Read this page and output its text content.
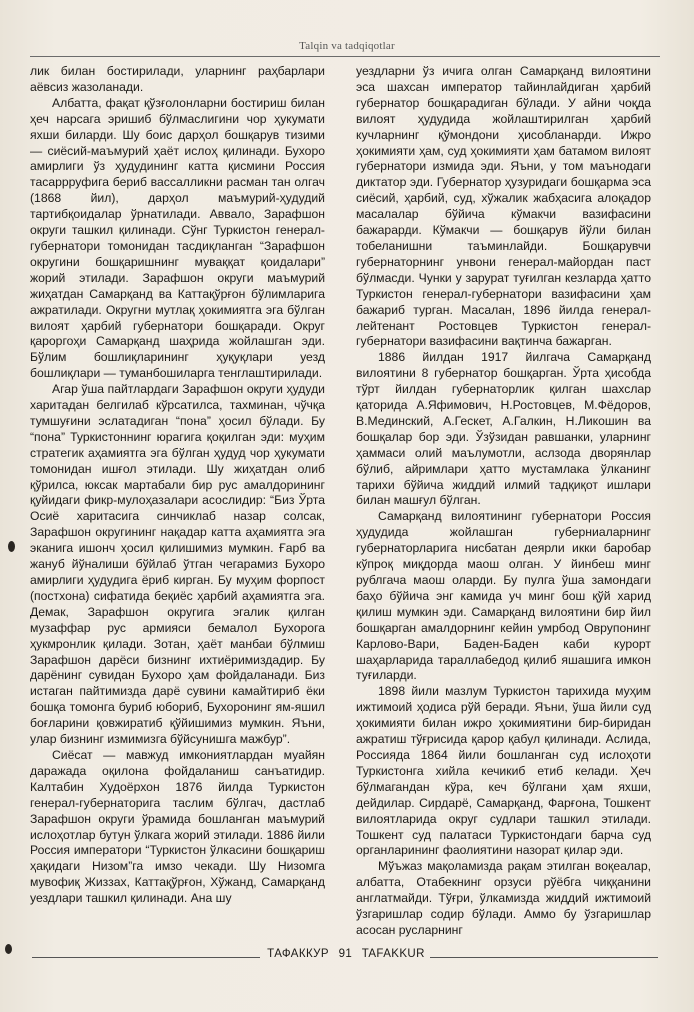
Talqin va tadqiqotlar

лик билан бостирилади, уларнинг раҳбарлари аёвсиз жазоланади.

Албатта, фақат қўзғолонларни бостириш билан ҳеч нарсага эришиб бўлмаслигини чор ҳукумати яхши биларди. Шу боис дарҳол бошқарув тизими — сиёсий-маъмурий ҳаёт ислоҳ қилинади. Бухоро амирлиги ўз ҳудудининг катта қисмини Россия тасаррруфига бериб вассалликни расман тан олгач (1868 йил), дарҳол маъмурий-ҳудудий тартибқоидалар ўрнатилади. Аввало, Зарафшон округи ташкил қилинади. Сўнг Туркистон генерал-губернатори томонидан тасдиқланган “Зарафшон округини бошқаришнинг муваққат қоидалари” жорий этилади. Зарафшон округи маъмурий жиҳатдан Самарқанд ва Каттақўрғон бўлимларига ажратилади. Округни мутлақ ҳокимиятга эга бўлган вилоят ҳарбий губернатори бошқаради. Округ қароргоҳи Самарқанд шаҳрида жойлашган эди. Бўлим бошлиқларининг ҳуқуқлари уезд бошлиқлари — туманбошиларга тенглаштирилади.

Агар ўша пайтлардаги Зарафшон округи ҳудуди харитадан белгилаб кўрсатилса, тахминан, чўчқа тумшуғини эслатадиган “пона” ҳосил бўлади. Бу “пона” Туркистоннинг юрагига қоқилган эди: муҳим стратегик аҳамиятга эга бўлган ҳудуд чор ҳукумати томонидан ишғол этилади. Шу жиҳатдан олиб қўрилса, юксак мартабали бир рус амалдорининг қуйидаги фикр-мулоҳазалари асослидир: “Биз Ўрта Осиё харитасига синчиклаб назар солсак, Зарафшон округининг нақадар катта аҳамиятга эга эканига ишонч ҳосил қилишимиз мумкин. Ғарб ва жануб йўналиши бўйлаб ўтган чегарамиз Бухоро амирлиги ҳудудига ёриб кирган. Бу муҳим форпост (постхона) сифатида беқиёс ҳарбий аҳамиятга эга. Демак, Зарафшон округига эгалик қилган музаффар рус армияси бемалол Бухорога ҳукмронлик қилади. Зотан, ҳаёт манбаи бўлмиш Зарафшон дарёси бизнинг ихтиёримиздадир. Бу дарёнинг сувидан Бухоро ҳам фойдаланади. Биз истаган пайтимизда дарё сувини камайтириб ёки бошқа томонга буриб юбориб, Бухоронинг ям-яшил боғларини қовжиратиб қўйишимиз мумкин. Яъни, улар бизнинг измимизга бўйсунишга мажбур”.

Сиёсат — мавжуд имкониятлардан муайян даражада оқилона фойдаланиш санъатидир. Калтабин Худоёрхон 1876 йилда Туркистон генерал-губернаторига таслим бўлгач, дастлаб Зарафшон округи ўрамида бошланган маъмурий ислоҳотлар бутун ўлкага жорий этилади. 1886 йили Россия императори “Туркистон ўлкасини бошқариш ҳақидаги Низом”га имзо чекади. Шу Низомга мувофиқ Жиззах, Каттақўрғон, Хўжанд, Самарқанд уездлари ташкил қилинади. Ана шу

уездларни ўз ичига олган Самарқанд вилоятини эса шахсан император тайинлайдиган ҳарбий губернатор бошқарадиган бўлади. У айни чоқда вилоят ҳудудида жойлаштирилган ҳарбий кучларнинг қўмондони ҳисобланарди. Ижро ҳокимияти ҳам, суд ҳокимияти ҳам батамом вилоят губернатори измида эди. Яъни, у том маънодаги диктатор эди. Губернатор ҳузуридаги бошқарма эса сиёсий, ҳарбий, суд, хўжалик жабҳасига алоқадор масалалар бўйича кўмакчи вазифасини бажарарди. Кўмакчи — бошқарув йўли билан тобеланишни таъминлайди. Бошқарувчи губернаторнинг унвони генерал-майордан паст бўлмасди. Чунки у зарурат туғилган кезларда ҳатто Туркистон генерал-губернатори вазифасини ҳам бажариб турган. Масалан, 1896 йилда генерал-лейтенант Ростовцев Туркистон генерал-губернатори вазифасини вақтинча бажарган.

1886 йилдан 1917 йилгача Самарқанд вилоятини 8 губернатор бошқарган. Ўрта ҳисобда тўрт йилдан губернаторлик қилган шахслар қаторида А.Яфимович, Н.Ростовцев, М.Фёдоров, В.Мединский, А.Гескет, А.Галкин, Н.Ликошин ва бошқалар бор эди. Ўзўзидан равшанки, уларнинг ҳаммаси олий маълумотли, аслзода дворянлар бўлиб, айримлари ҳатто мустамлака ўлканинг тарихи бўйича жиддий илмий тадқиқот ишлари билан машғул бўлган.

Самарқанд вилоятининг губернатори Россия ҳудудида жойлашган губерниаларнинг губернаторларига нисбатан деярли икки баробар кўпроқ миқдорда маош олган. У йинбеш минг рублгача маош оларди. Бу пулга ўша замондаги баҳо бўйича энг камида уч минг бош қўй харид қилиш мумкин эди. Самарқанд вилоятини бир йил бошқарган амалдорнинг кейин умрбод Оврупонинг Карлово-Вари, Баден-Баден каби курорт шаҳарларида тараллабедод қилиб яшашига имкон туғиларди.

1898 йили мазлум Туркистон тарихида муҳим ижтимоий ҳодиса рўй беради. Яъни, ўша йили суд ҳокимияти билан ижро ҳокимиятини бир-биридан ажратиш тўғрисида қарор қабул қилинади. Аслида, Россияда 1864 йили бошланган суд ислоҳоти Туркистонга хийла кечикиб етиб келади. Ҳеч бўлмагандан кўра, кеч бўлгани ҳам яхши, дейдилар. Сирдарё, Самарқанд, Фарғона, Тошкент вилоятларида округ судлари ташкил этилади. Тошкент суд палатаси Туркистондаги барча суд органларининг фаолиятини назорат қилар эди.

Мўъжаз мақоламизда рақам этилган воқеалар, албатта, Отабекнинг орзуси рўёбга чиққанини англатмайди. Тўғри, ўлкамизда жиддий ижтимоий ўзгаришлар содир бўлади. Аммо бу ўзгаришлар асосан русларнинг

ТАФАККУР 91 TAFAKKUR
